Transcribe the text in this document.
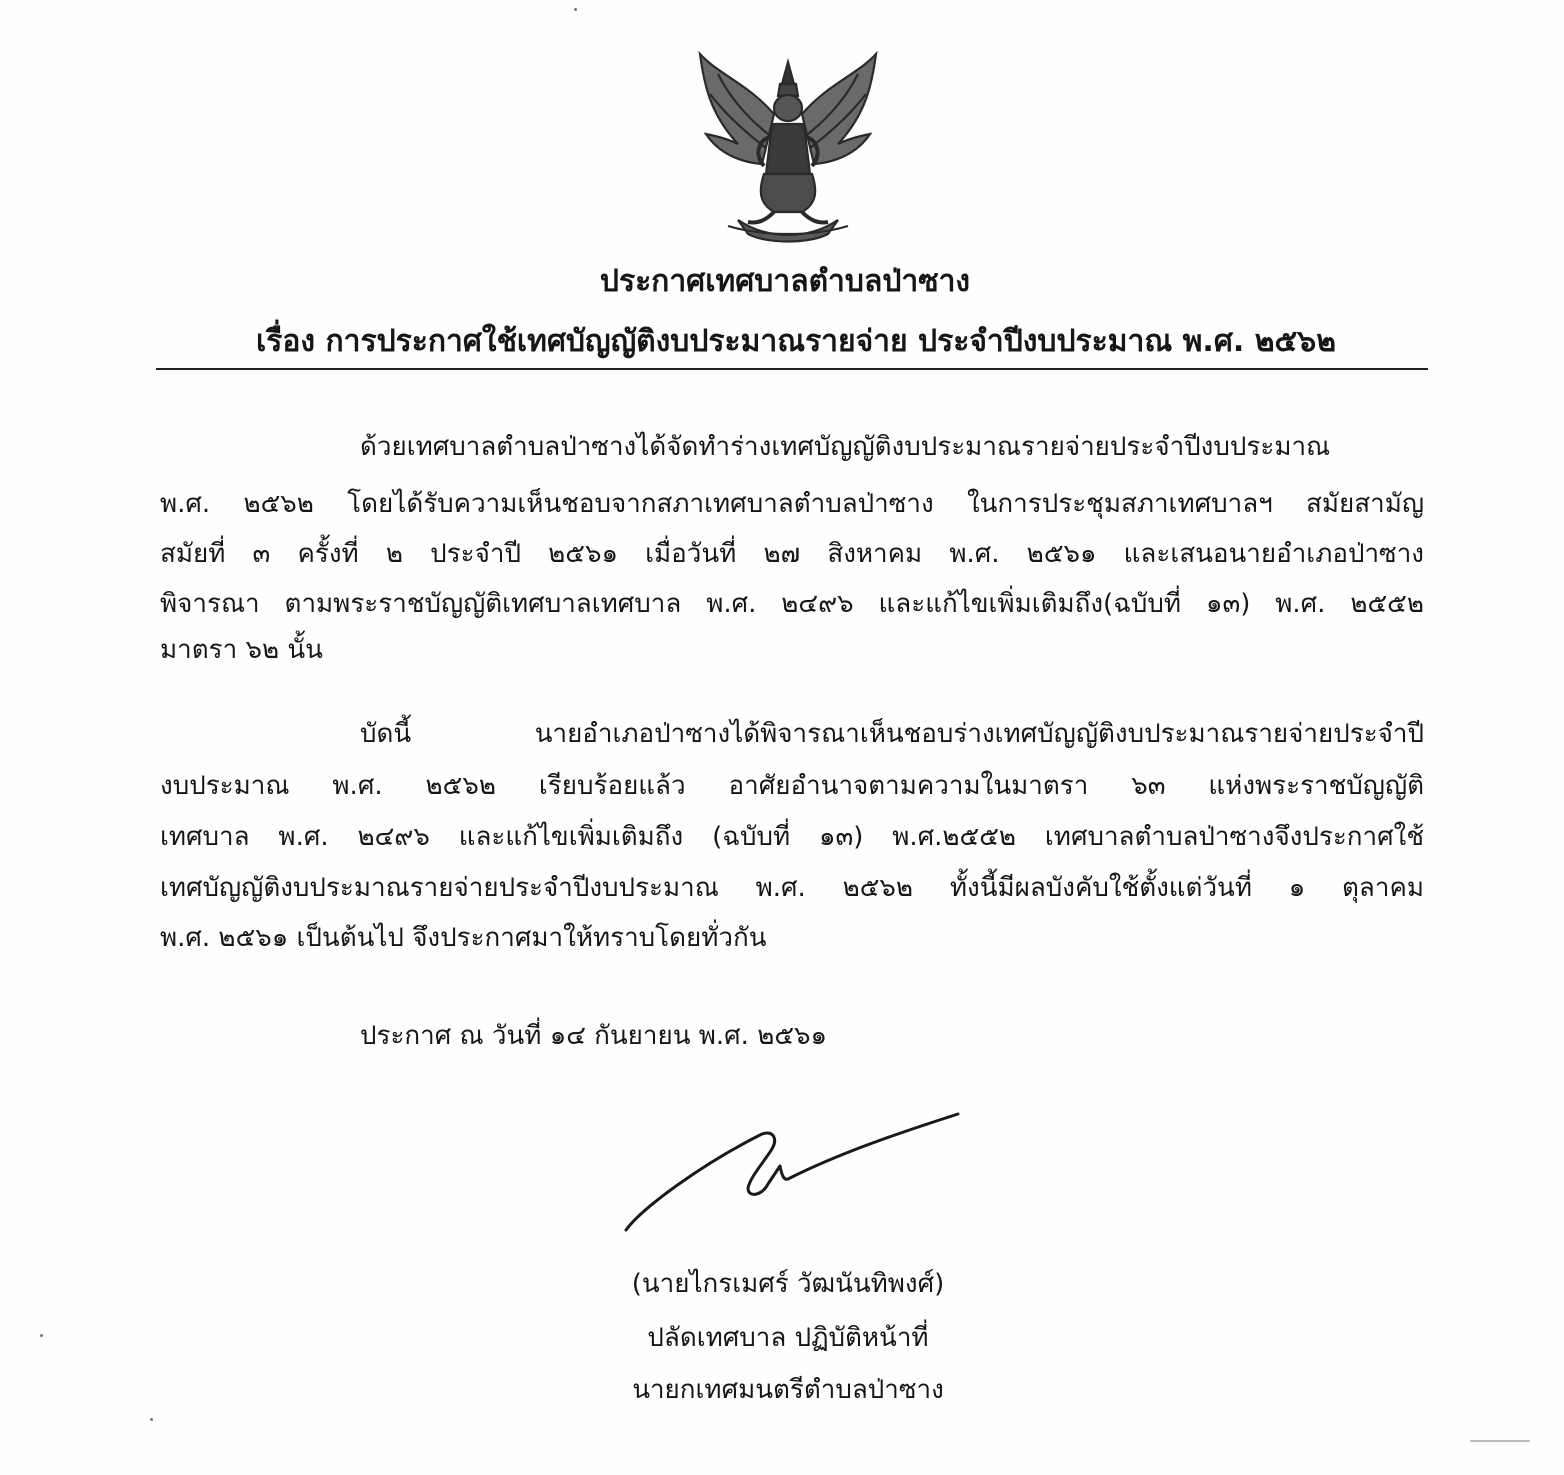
ประกาศเทศบาลตำบลป่าซาง
เรื่อง การประกาศใช้เทศบัญญัติงบประมาณรายจ่าย ประจำปีงบประมาณ พ.ศ. ๒๕๖๒
ด้วยเทศบาลตำบลป่าซางได้จัดทำร่างเทศบัญญัติงบประมาณรายจ่ายประจำปีงบประมาณ
พ.ศ. ๒๕๖๒ โดยได้รับความเห็นชอบจากสภาเทศบาลตำบลป่าซาง ในการประชุมสภาเทศบาลฯ สมัยสามัญ
สมัยที่ ๓ ครั้งที่ ๒ ประจำปี ๒๕๖๑ เมื่อวันที่ ๒๗ สิงหาคม พ.ศ. ๒๕๖๑ และเสนอนายอำเภอป่าซาง
พิจารณา ตามพระราชบัญญัติเทศบาลเทศบาล พ.ศ. ๒๔๙๖ และแก้ไขเพิ่มเติมถึง(ฉบับที่ ๑๓) พ.ศ. ๒๕๕๒
มาตรา ๖๒ นั้น
บัดนี้ นายอำเภอป่าซางได้พิจารณาเห็นชอบร่างเทศบัญญัติงบประมาณรายจ่ายประจำปี
งบประมาณ พ.ศ. ๒๕๖๒ เรียบร้อยแล้ว อาศัยอำนาจตามความในมาตรา ๖๓ แห่งพระราชบัญญัติ
เทศบาล พ.ศ. ๒๔๙๖ และแก้ไขเพิ่มเติมถึง (ฉบับที่ ๑๓) พ.ศ.๒๕๕๒ เทศบาลตำบลป่าซางจึงประกาศใช้
เทศบัญญัติงบประมาณรายจ่ายประจำปีงบประมาณ พ.ศ. ๒๕๖๒ ทั้งนี้มีผลบังคับใช้ตั้งแต่วันที่ ๑ ตุลาคม
พ.ศ. ๒๕๖๑ เป็นต้นไป จึงประกาศมาให้ทราบโดยทั่วกัน
ประกาศ ณ วันที่ ๑๔ กันยายน พ.ศ. ๒๕๖๑
(นายไกรเมศร์ วัฒนันทิพงศ์)
ปลัดเทศบาล ปฏิบัติหน้าที่
นายกเทศมนตรีตำบลป่าซาง
